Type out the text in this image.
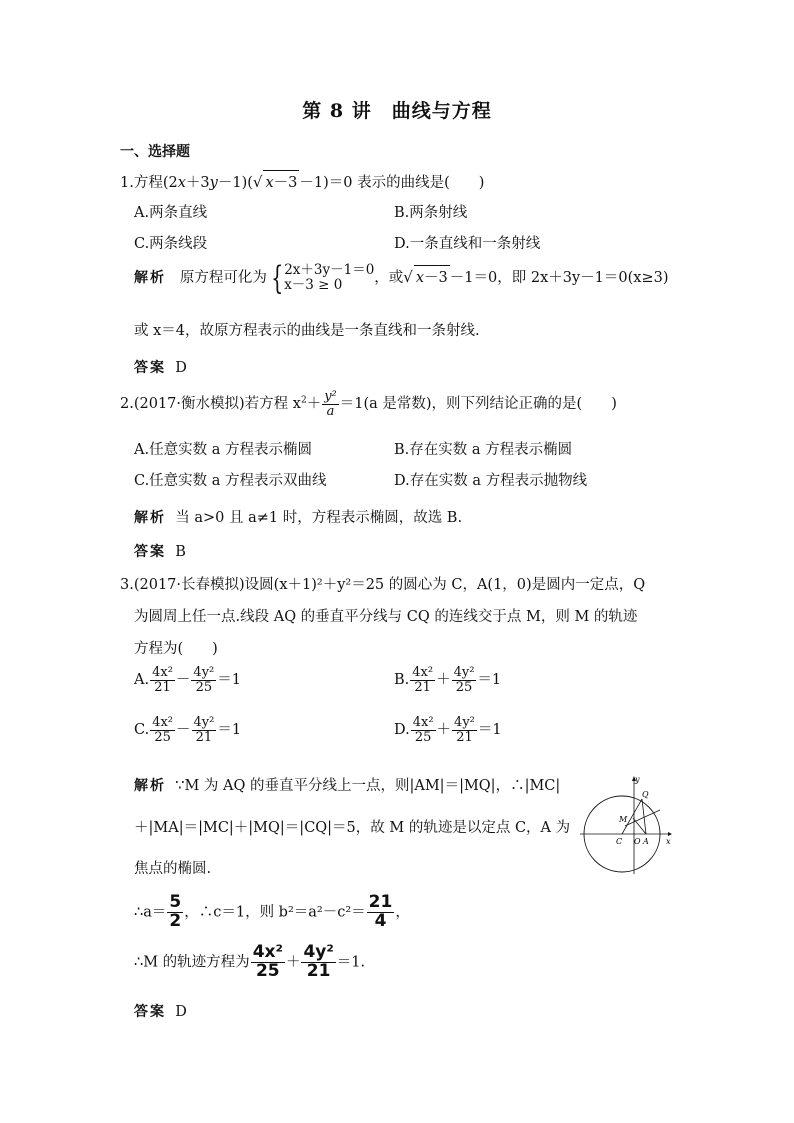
第 8 讲　曲线与方程
一、选择题
1.方程(2x＋3y－1)(√ x－3 －1)＝0 表示的曲线是(　　)
A.两条直线	B.两条射线
C.两条线段	D.一条直线和一条射线
解析 原方程可化为 { 2x＋3y－1＝0
x－3 ≥ 0	，或√ x－3 －1＝0，即 2x＋3y－1＝0(x≥3)
或 x＝4，故原方程表示的曲线是一条直线和一条射线.
答案 D
2.(2017·衡水模拟)若方程 $x^2+ \frac{\text{y²}}{a} =1(a$ 是常数)，则下列结论正确的是(　　)
A.任意实数 a 方程表示椭圆	B.存在实数 a 方程表示椭圆
C.任意实数 a 方程表示双曲线	D.存在实数 a 方程表示抛物线
解析 当 a>0 且 a≠1 时，方程表示椭圆，故选 B.
答案 B
3.(2017·长春模拟)设圆(x＋1)²＋y²＝25 的圆心为 C，A(1，0)是圆内一定点，Q
为圆周上任一点.线段 AQ 的垂直平分线与 CQ 的连线交于点 M，则 M 的轨迹
方程为(　　)
A. $\frac{\text{4x²}}{21} - \frac{\text{4y²}}{25} =1$	B. $\frac{\text{4x²}}{21} + \frac{\text{4y²}}{25} =1$
C. $\frac{\text{4x²}}{25} - \frac{\text{4y²}}{21} =1$	D. $\frac{\text{4x²}}{25} + \frac{\text{4y²}}{21} =1$
解析 ∵M 为 AQ 的垂直平分线上一点，则|AM|＝|MQ|，∴|MC|
＋|MA|＝|MC|＋|MQ|＝|CQ|＝5，故 M 的轨迹是以定点 C，A 为
焦点的椭圆.
∴a＝ $\frac{5}{2}$ ，∴c＝1，则 $b^2=a^2-c^2= \frac{21}{4}$ ，
∴M 的轨迹方程为 $\frac{\text{4x²}}{25} + \frac{\text{4y²}}{21} =1$.
答案 D
y
x
Q
M
C O A
